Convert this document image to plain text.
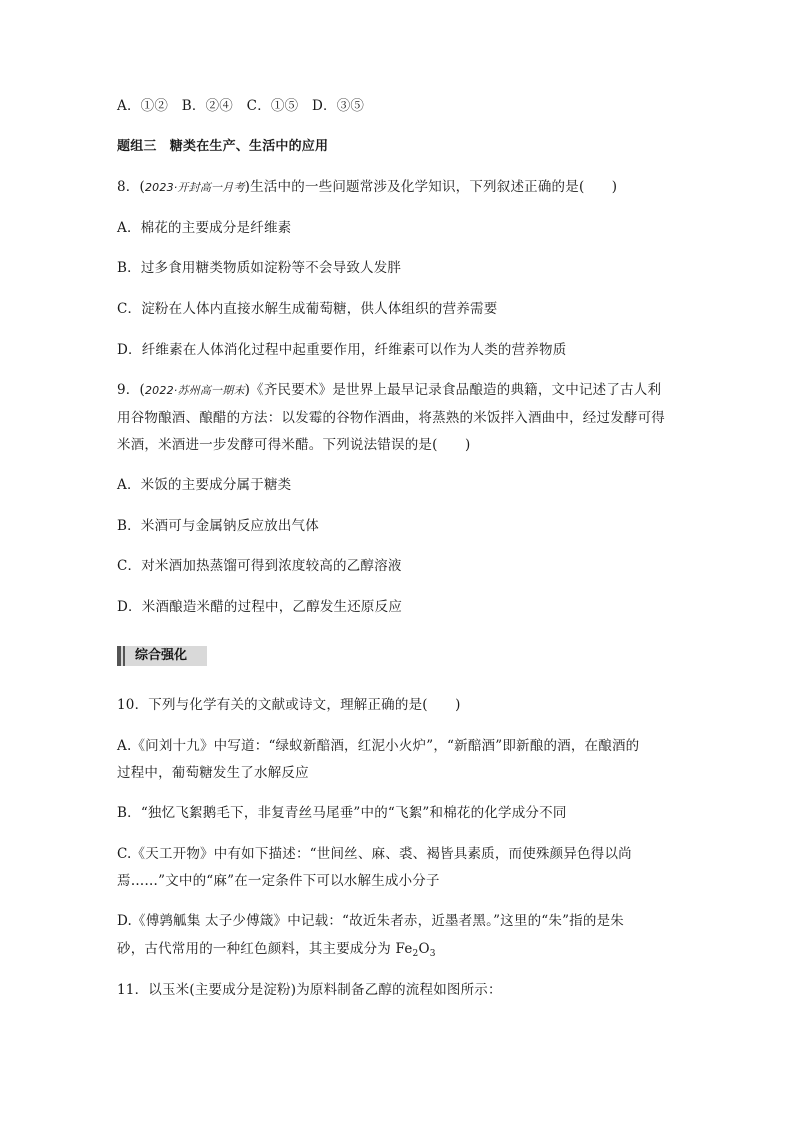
A．①②　B．②④　C．①⑤　D．③⑤
题组三　糖类在生产、生活中的应用
8．(2023·开封高一月考)生活中的一些问题常涉及化学知识，下列叙述正确的是(　　)
A．棉花的主要成分是纤维素
B．过多食用糖类物质如淀粉等不会导致人发胖
C．淀粉在人体内直接水解生成葡萄糖，供人体组织的营养需要
D．纤维素在人体消化过程中起重要作用，纤维素可以作为人类的营养物质
9．(2022·苏州高一期末)《齐民要术》是世界上最早记录食品酿造的典籍，文中记述了古人利
用谷物酿酒、酿醋的方法：以发霉的谷物作酒曲，将蒸熟的米饭拌入酒曲中，经过发酵可得
米酒，米酒进一步发酵可得米醋。下列说法错误的是(　　)
A．米饭的主要成分属于糖类
B．米酒可与金属钠反应放出气体
C．对米酒加热蒸馏可得到浓度较高的乙醇溶液
D．米酒酿造米醋的过程中，乙醇发生还原反应
综合强化
10．下列与化学有关的文献或诗文，理解正确的是(　　)
A.《问刘十九》中写道：“绿蚁新醅酒，红泥小火炉”，“新醅酒”即新酿的酒，在酿酒的
过程中，葡萄糖发生了水解反应
B．“独忆飞絮鹅毛下，非复青丝马尾垂”中的“飞絮”和棉花的化学成分不同
C.《天工开物》中有如下描述：“世间丝、麻、裘、褐皆具素质，而使殊颜异色得以尚
焉……”文中的“麻”在一定条件下可以水解生成小分子
D.《傅鹑觚集 太子少傅箴》中记载：“故近朱者赤，近墨者黑。”这里的“朱”指的是朱
砂，古代常用的一种红色颜料，其主要成分为 $Fe_2O_3$
11．以玉米(主要成分是淀粉)为原料制备乙醇的流程如图所示：
